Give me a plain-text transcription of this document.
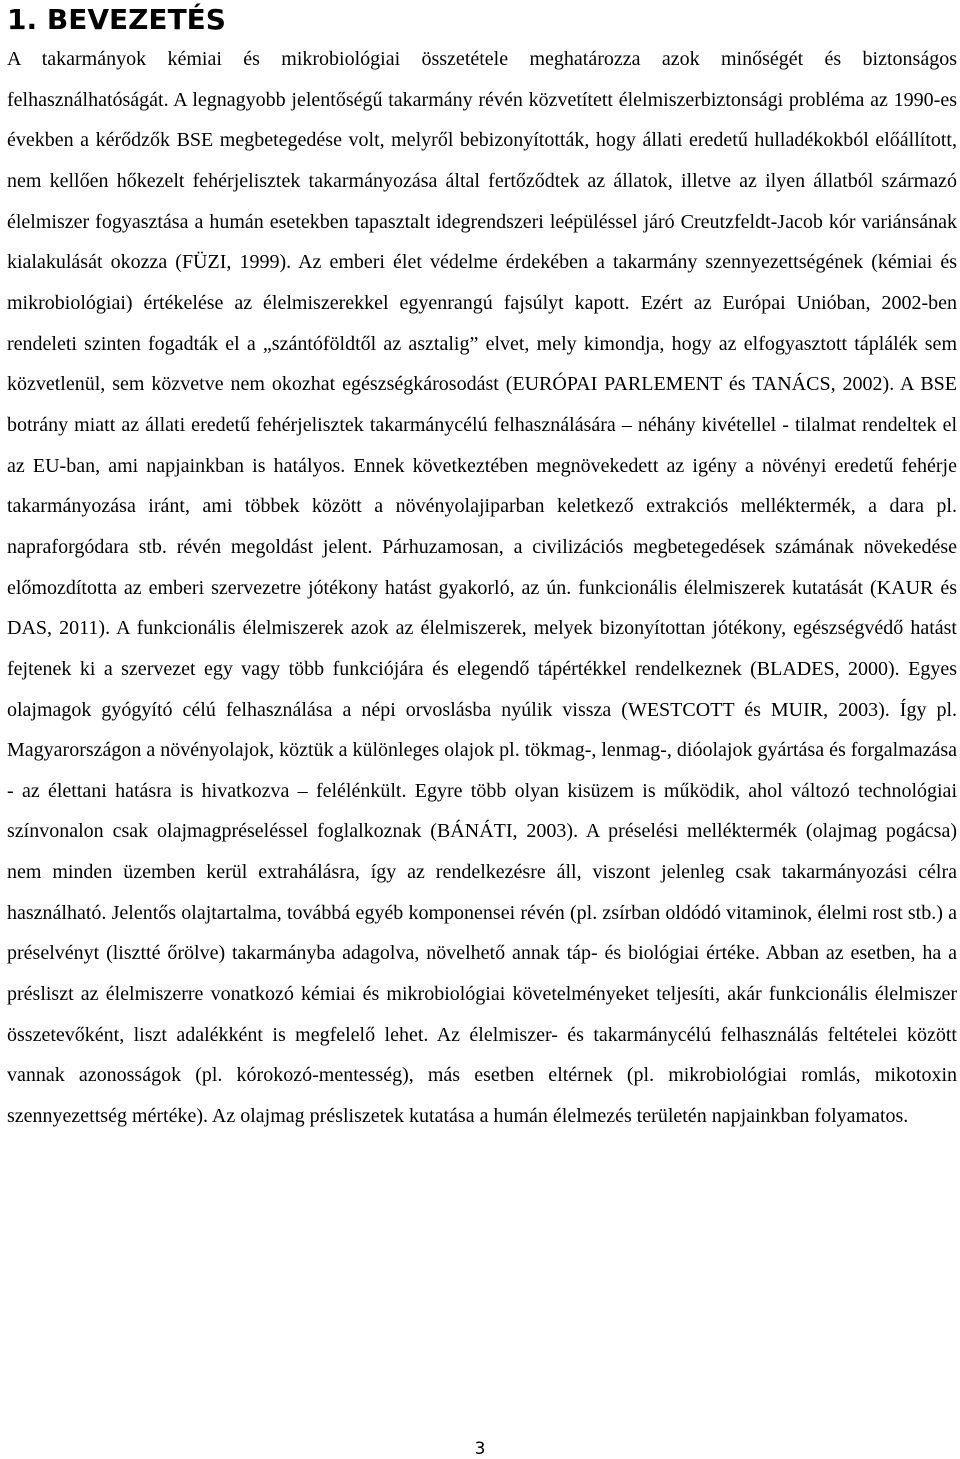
1. BEVEZETÉS

A takarmányok kémiai és mikrobiológiai összetétele meghatározza azok minőségét és biztonságos felhasználhatóságát. A legnagyobb jelentőségű takarmány révén közvetített élelmiszerbiztonsági probléma az 1990-es években a kérődzők BSE megbetegedése volt, melyről bebizonyították, hogy állati eredetű hulladékokból előállított, nem kellően hőkezelt fehérjelisztek takarmányozása által fertőződtek az állatok, illetve az ilyen állatból származó élelmiszer fogyasztása a humán esetekben tapasztalt idegrendszeri leépüléssel járó Creutzfeldt-Jacob kór variánsának kialakulását okozza (FÜZI, 1999). Az emberi élet védelme érdekében a takarmány szennyezettségének (kémiai és mikrobiológiai) értékelése az élelmiszerekkel egyenrangú fajsúlyt kapott. Ezért az Európai Unióban, 2002-ben rendeleti szinten fogadták el a „szántóföldtől az asztalig” elvet, mely kimondja, hogy az elfogyasztott táplálék sem közvetlenül, sem közvetve nem okozhat egészségkárosodást (EURÓPAI PARLEMENT és TANÁCS, 2002). A BSE botrány miatt az állati eredetű fehérjelisztek takarmánycélú felhasználására – néhány kivétellel - tilalmat rendeltek el az EU-ban, ami napjainkban is hatályos. Ennek következtében megnövekedett az igény a növényi eredetű fehérje takarmányozása iránt, ami többek között a növényolajiparban keletkező extrakciós melléktermék, a dara pl. napraforgódara stb. révén megoldást jelent. Párhuzamosan, a civilizációs megbetegedések számának növekedése előmozdította az emberi szervezetre jótékony hatást gyakorló, az ún. funkcionális élelmiszerek kutatását (KAUR és DAS, 2011). A funkcionális élelmiszerek azok az élelmiszerek, melyek bizonyítottan jótékony, egészségvédő hatást fejtenek ki a szervezet egy vagy több funkciójára és elegendő tápértékkel rendelkeznek (BLADES, 2000). Egyes olajmagok gyógyító célú felhasználása a népi orvoslásba nyúlik vissza (WESTCOTT és MUIR, 2003). Így pl. Magyarországon a növényolajok, köztük a különleges olajok pl. tökmag-, lenmag-, dióolajok gyártása és forgalmazása - az élettani hatásra is hivatkozva – felélénkült. Egyre több olyan kisüzem is működik, ahol változó technológiai színvonalon csak olajmagpréseléssel foglalkoznak (BÁNÁTI, 2003). A préselési melléktermék (olajmag pogácsa) nem minden üzemben kerül extrahálásra, így az rendelkezésre áll, viszont jelenleg csak takarmányozási célra használható. Jelentős olajtartalma, továbbá egyéb komponensei révén (pl. zsírban oldódó vitaminok, élelmi rost stb.) a préselvényt (lisztté őrölve) takarmányba adagolva, növelhető annak táp- és biológiai értéke. Abban az esetben, ha a présliszt az élelmiszerre vonatkozó kémiai és mikrobiológiai követelményeket teljesíti, akár funkcionális élelmiszer összetevőként, liszt adalékként is megfelelő lehet. Az élelmiszer- és takarmánycélú felhasználás feltételei között vannak azonosságok (pl. kórokozó-mentesség), más esetben eltérnek (pl. mikrobiológiai romlás, mikotoxin szennyezettség mértéke). Az olajmag présliszetek kutatása a humán élelmezés területén napjainkban folyamatos.

3
